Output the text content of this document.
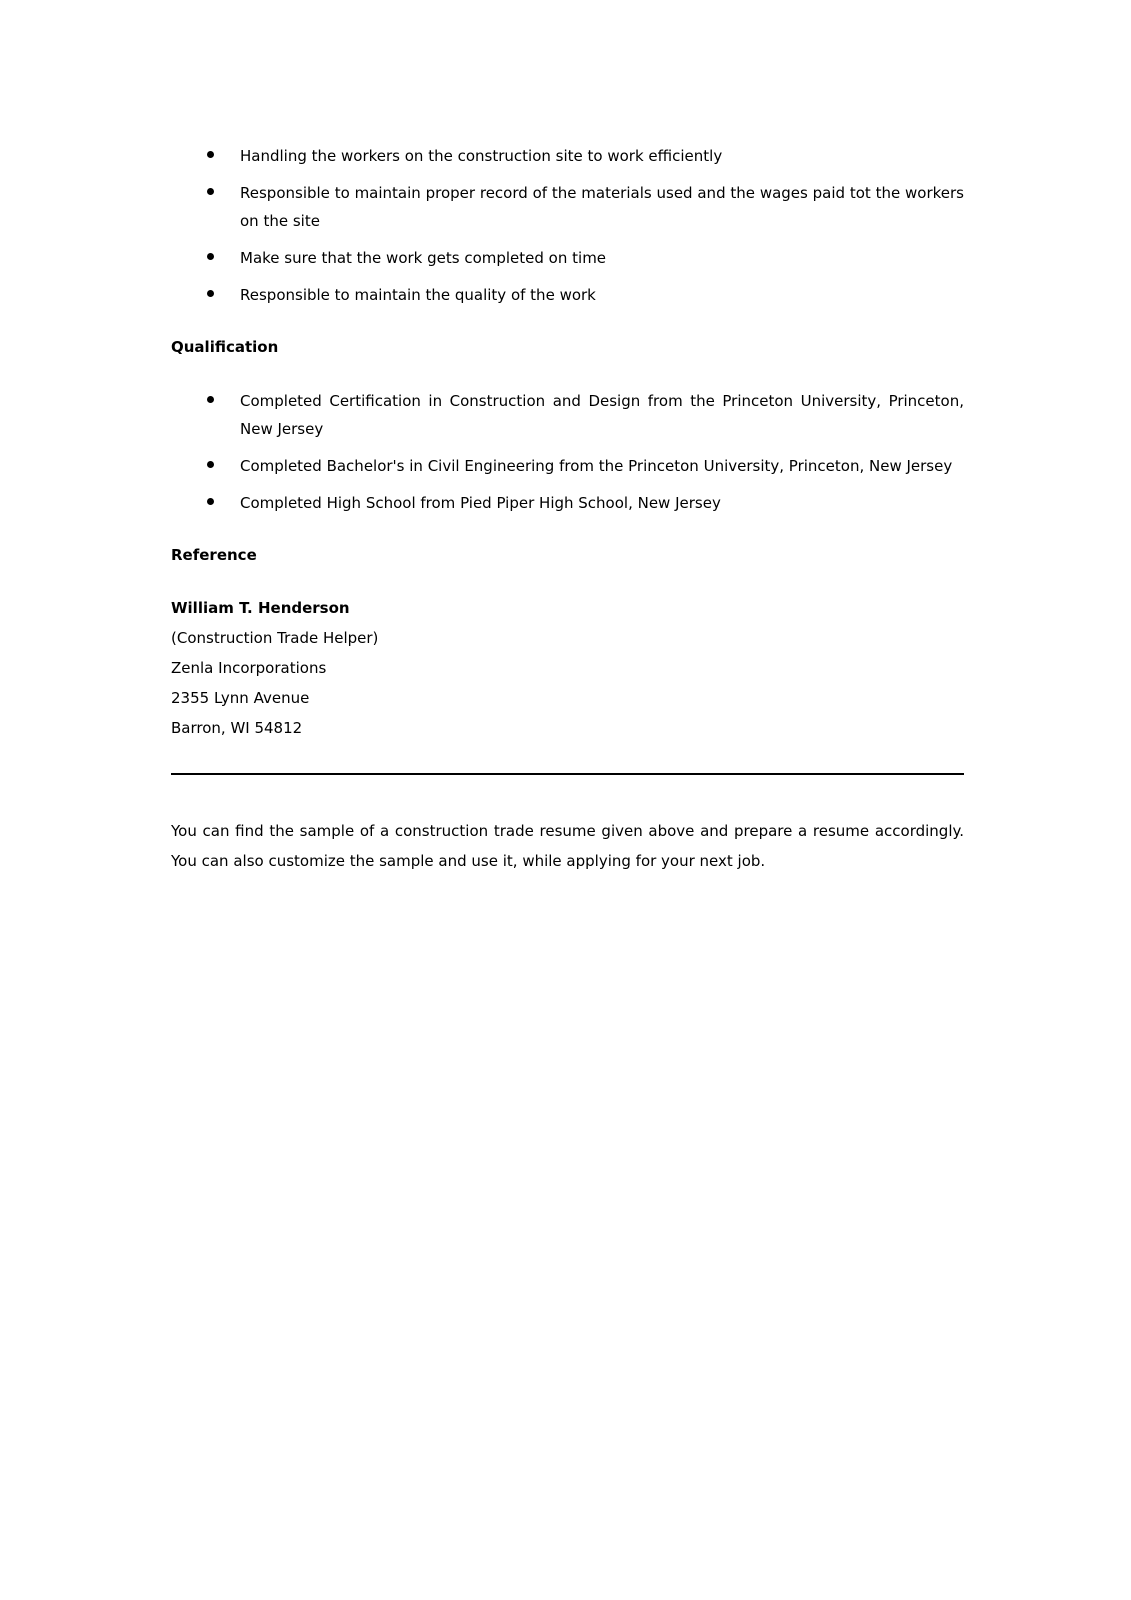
Handling the workers on the construction site to work efficiently
Responsible to maintain proper record of the materials used and the wages paid tot the workers on the site
Make sure that the work gets completed on time
Responsible to maintain the quality of the work
Qualification
Completed Certification in Construction and Design from the Princeton University, Princeton, New Jersey
Completed Bachelor's in Civil Engineering from the Princeton University, Princeton, New Jersey
Completed High School from Pied Piper High School, New Jersey
Reference
William T. Henderson
(Construction Trade Helper)
Zenla Incorporations
2355 Lynn Avenue
Barron, WI 54812

You can find the sample of a construction trade resume given above and prepare a resume accordingly. You can also customize the sample and use it, while applying for your next job.
